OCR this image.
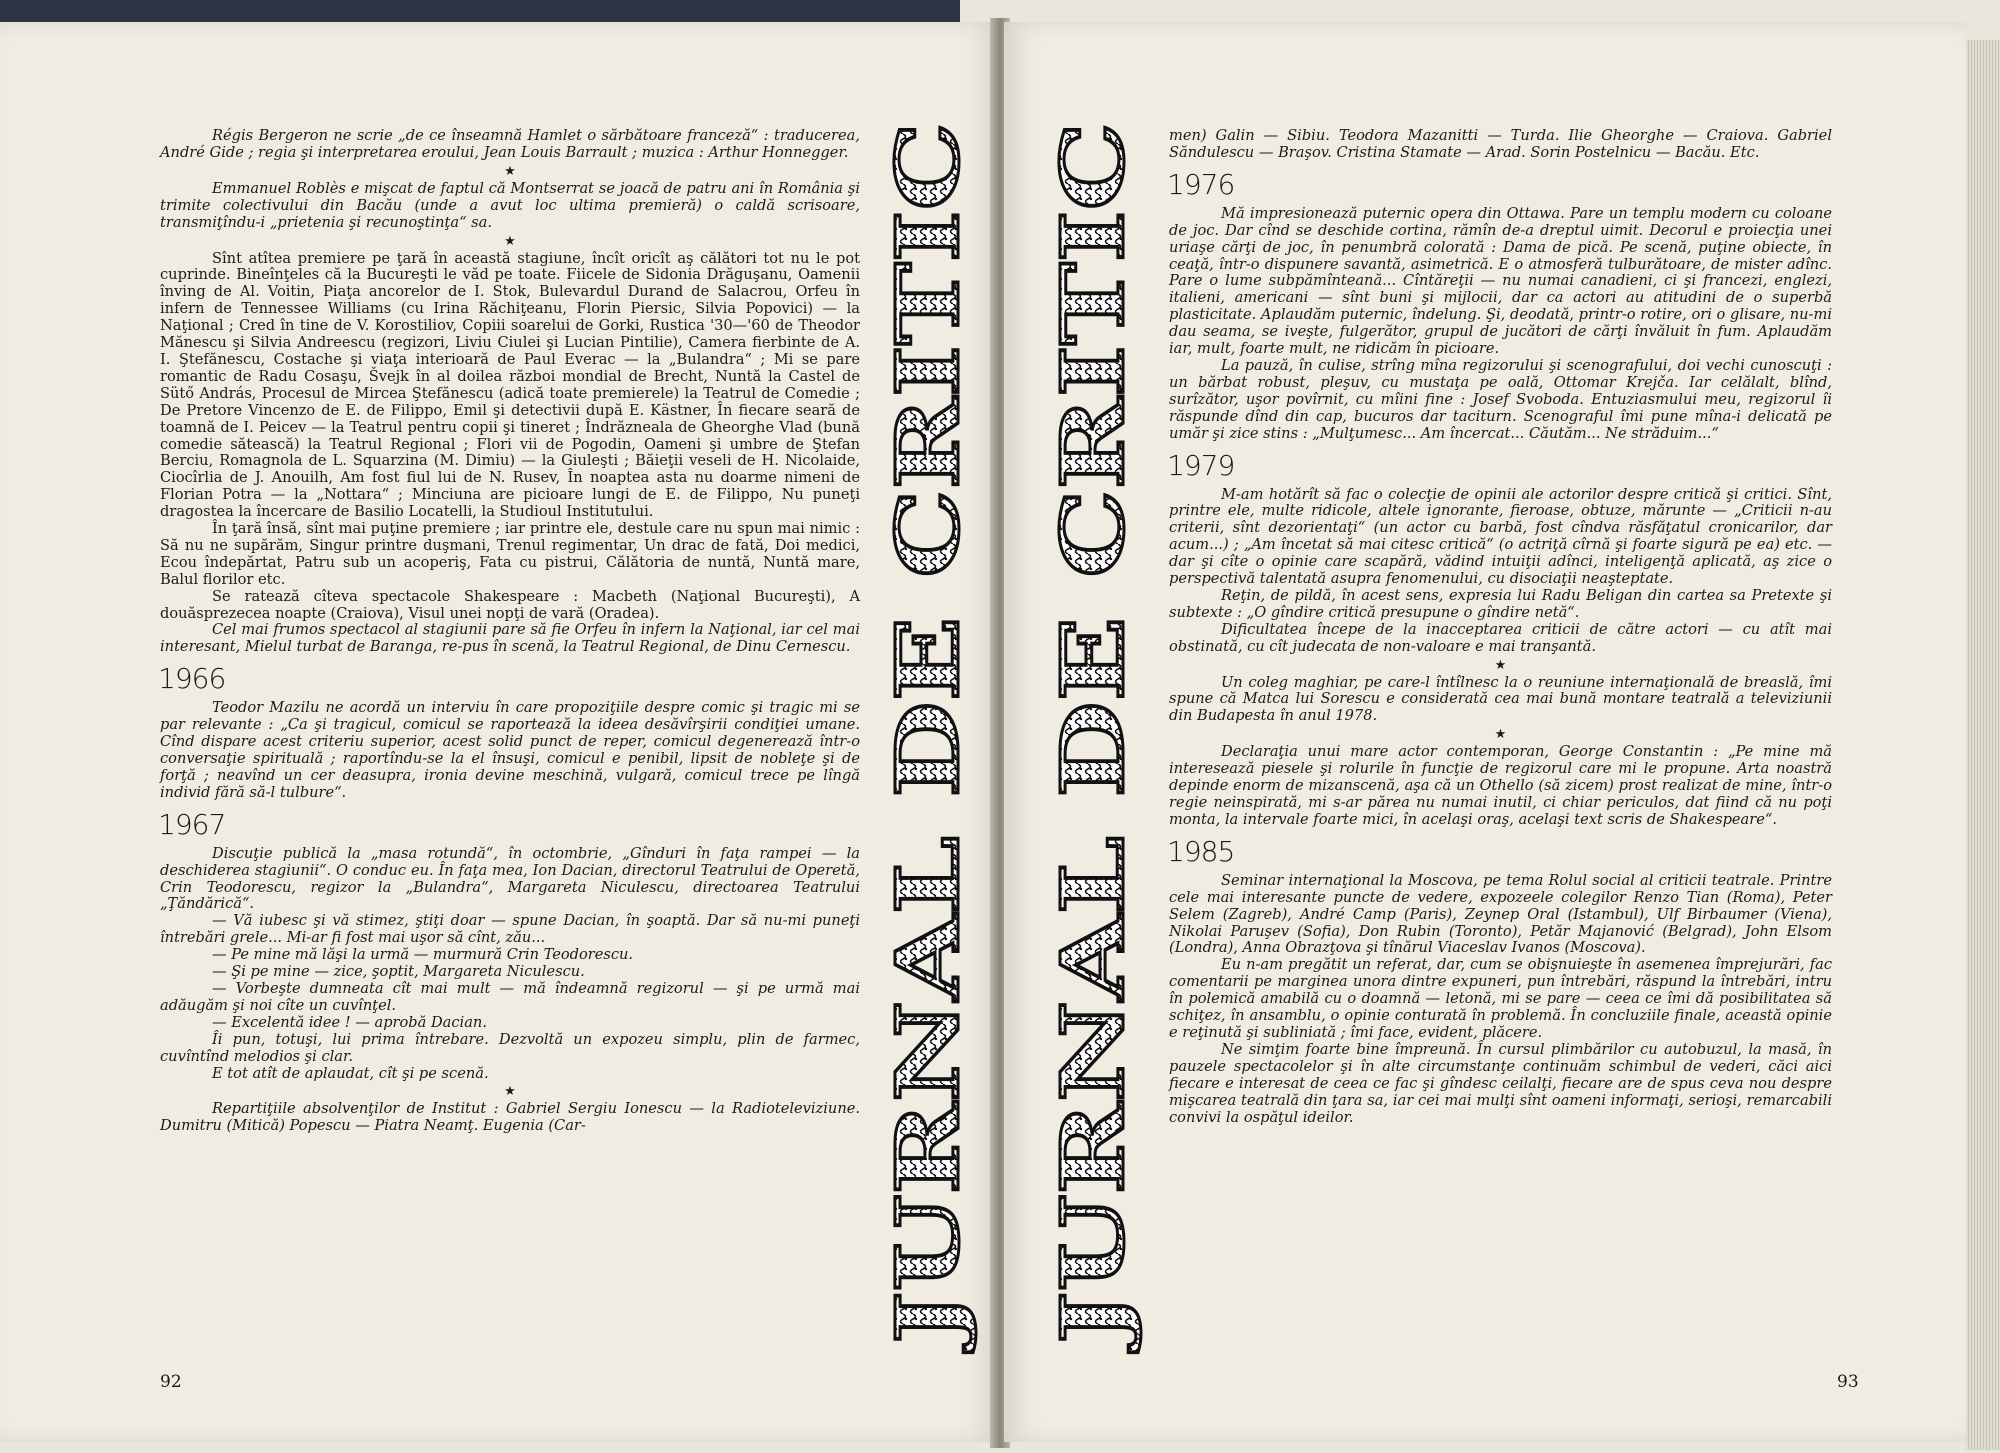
Régis Bergeron ne scrie „de ce înseamnă Hamlet o sărbătoare franceză“ : traducerea, André Gide ; regia şi interpretarea eroului, Jean Louis Barrault ; muzica : Arthur Honnegger.

★

Emmanuel Roblès e mişcat de faptul că Montserrat se joacă de patru ani în România şi trimite colectivului din Bacău (unde a avut loc ultima premieră) o caldă scrisoare, transmiţîndu-i „prietenia şi recunoştinţa“ sa.

★

Sînt atîtea premiere pe ţară în această stagiune, încît oricît aş călători tot nu le pot cuprinde. Bineînţeles că la Bucureşti le văd pe toate. Fiicele de Sidonia Drăguşanu, Oamenii înving de Al. Voitin, Piaţa ancorelor de I. Stok, Bulevardul Durand de Salacrou, Orfeu în infern de Tennessee Williams (cu Irina Răchiţeanu, Florin Piersic, Silvia Popovici) — la Naţional ; Cred în tine de V. Korostiliov, Copiii soarelui de Gorki, Rustica '30—'60 de Theodor Mănescu şi Silvia Andreescu (regizori, Liviu Ciulei şi Lucian Pintilie), Camera fierbinte de A. I. Ştefănescu, Costache şi viaţa interioară de Paul Everac — la „Bulandra“ ; Mi se pare romantic de Radu Cosaşu, Švejk în al doilea război mondial de Brecht, Nuntă la Castel de Sütő András, Procesul de Mircea Ştefănescu (adică toate premierele) la Teatrul de Comedie ; De Pretore Vincenzo de E. de Filippo, Emil şi detectivii după E. Kästner, În fiecare seară de toamnă de I. Peicev — la Teatrul pentru copii şi tineret ; Îndrăzneala de Gheorghe Vlad (bună comedie sătească) la Teatrul Regional ; Flori vii de Pogodin, Oameni şi umbre de Ştefan Berciu, Romagnola de L. Squarzina (M. Dimiu) — la Giuleşti ; Băieţii veseli de H. Nicolaide, Ciocîrlia de J. Anouilh, Am fost fiul lui de N. Rusev, În noaptea asta nu doarme nimeni de Florian Potra — la „Nottara“ ; Minciuna are picioare lungi de E. de Filippo, Nu puneţi dragostea la încercare de Basilio Locatelli, la Studioul Institutului.

În ţară însă, sînt mai puţine premiere ; iar printre ele, destule care nu spun mai nimic : Să nu ne supărăm, Singur printre duşmani, Trenul regimentar, Un drac de fată, Doi medici, Ecou îndepărtat, Patru sub un acoperiş, Fata cu pistrui, Călătoria de nuntă, Nuntă mare, Balul florilor etc.

Se ratează cîteva spectacole Shakespeare : Macbeth (Naţional Bucureşti), A douăsprezecea noapte (Craiova), Visul unei nopţi de vară (Oradea).

Cel mai frumos spectacol al stagiunii pare să fie Orfeu în infern la Naţional, iar cel mai interesant, Mielul turbat de Baranga, re-pus în scenă, la Teatrul Regional, de Dinu Cernescu.

1966

Teodor Mazilu ne acordă un interviu în care propoziţiile despre comic şi tragic mi se par relevante : „Ca şi tragicul, comicul se raportează la ideea desăvîrşirii condiţiei umane. Cînd dispare acest criteriu superior, acest solid punct de reper, comicul degenerează într-o conversaţie spirituală ; raportîndu-se la el însuşi, comicul e penibil, lipsit de nobleţe şi de forţă ; neavînd un cer deasupra, ironia devine meschină, vulgară, comicul trece pe lîngă individ fără să-l tulbure“.

1967

Discuţie publică la „masa rotundă“, în octombrie, „Gînduri în faţa rampei — la deschiderea stagiunii“. O conduc eu. În faţa mea, Ion Dacian, directorul Teatrului de Operetă, Crin Teodorescu, regizor la „Bulandra“, Margareta Niculescu, directoarea Teatrului „Ţăndărică“.

— Vă iubesc şi vă stimez, ştiţi doar — spune Dacian, în şoaptă. Dar să nu-mi puneţi întrebări grele... Mi-ar fi fost mai uşor să cînt, zău...

— Pe mine mă lăşi la urmă — murmură Crin Teodorescu.

— Şi pe mine — zice, şoptit, Margareta Niculescu.

— Vorbeşte dumneata cît mai mult — mă îndeamnă regizorul — şi pe urmă mai adăugăm şi noi cîte un cuvînţel.

— Excelentă idee ! — aprobă Dacian.

Îi pun, totuşi, lui prima întrebare. Dezvoltă un expozeu simplu, plin de farmec, cuvîntînd melodios şi clar.

E tot atît de aplaudat, cît şi pe scenă.

★

Repartiţiile absolvenţilor de Institut : Gabriel Sergiu Ionescu — la Radioteleviziune. Dumitru (Mitică) Popescu — Piatra Neamţ. Eugenia (Car-	JURNAL DE CRITIC
92
JURNAL DE CRITIC

men) Galin — Sibiu. Teodora Mazanitti — Turda. Ilie Gheorghe — Craiova. Gabriel Săndulescu — Braşov. Cristina Stamate — Arad. Sorin Postelnicu — Bacău. Etc.

1976

Mă impresionează puternic opera din Ottawa. Pare un templu modern cu coloane de joc. Dar cînd se deschide cortina, rămîn de-a dreptul uimit. Decorul e proiecţia unei uriaşe cărţi de joc, în penumbră colorată : Dama de pică. Pe scenă, puţine obiecte, în ceaţă, într-o dispunere savantă, asimetrică. E o atmosferă tulburătoare, de mister adînc. Pare o lume subpămînteană... Cîntăreţii — nu numai canadieni, ci şi francezi, englezi, italieni, americani — sînt buni şi mijlocii, dar ca actori au atitudini de o superbă plasticitate. Aplaudăm puternic, îndelung. Şi, deodată, printr-o rotire, ori o glisare, nu-mi dau seama, se iveşte, fulgerător, grupul de jucători de cărţi învăluit în fum. Aplaudăm iar, mult, foarte mult, ne ridicăm în picioare.

La pauză, în culise, strîng mîna regizorului şi scenografului, doi vechi cunoscuţi : un bărbat robust, pleşuv, cu mustaţa pe oală, Ottomar Krejča. Iar celălalt, blînd, surîzător, uşor povîrnit, cu mîini fine : Josef Svoboda. Entuziasmului meu, regizorul îi răspunde dînd din cap, bucuros dar taciturn. Scenograful îmi pune mîna-i delicată pe umăr şi zice stins : „Mulţumesc... Am încercat... Căutăm... Ne străduim...“

1979

M-am hotărît să fac o colecţie de opinii ale actorilor despre critică şi critici. Sînt, printre ele, multe ridicole, altele ignorante, fieroase, obtuze, mărunte — „Criticii n-au criterii, sînt dezorientaţi“ (un actor cu barbă, fost cîndva răsfăţatul cronicarilor, dar acum...) ; „Am încetat să mai citesc critică“ (o actriţă cîrnă şi foarte sigură pe ea) etc. — dar şi cîte o opinie care scapără, vădind intuiţii adînci, inteligenţă aplicată, aş zice o perspectivă talentată asupra fenomenului, cu disociaţii neaşteptate.

Reţin, de pildă, în acest sens, expresia lui Radu Beligan din cartea sa Pretexte şi subtexte : „O gîndire critică presupune o gîndire netă“.

Dificultatea începe de la inacceptarea criticii de către actori — cu atît mai obstinată, cu cît judecata de non-valoare e mai tranşantă.

★

Un coleg maghiar, pe care-l întîlnesc la o reuniune internaţională de breaslă, îmi spune că Matca lui Sorescu e considerată cea mai bună montare teatrală a televiziunii din Budapesta în anul 1978.

★

Declaraţia unui mare actor contemporan, George Constantin : „Pe mine mă interesează piesele şi rolurile în funcţie de regizorul care mi le propune. Arta noastră depinde enorm de mizanscenă, aşa că un Othello (să zicem) prost realizat de mine, într-o regie neinspirată, mi s-ar părea nu numai inutil, ci chiar periculos, dat fiind că nu poţi monta, la intervale foarte mici, în acelaşi oraş, acelaşi text scris de Shakespeare“.

1985

Seminar internaţional la Moscova, pe tema Rolul social al criticii teatrale. Printre cele mai interesante puncte de vedere, expozeele colegilor Renzo Tian (Roma), Peter Selem (Zagreb), André Camp (Paris), Zeynep Oral (Istambul), Ulf Birbaumer (Viena), Nikolai Paruşev (Sofia), Don Rubin (Toronto), Petăr Majanović (Belgrad), John Elsom (Londra), Anna Obrazţova şi tînărul Viaceslav Ivanos (Moscova).

Eu n-am pregătit un referat, dar, cum se obişnuieşte în asemenea împrejurări, fac comentarii pe marginea unora dintre expuneri, pun întrebări, răspund la întrebări, intru în polemică amabilă cu o doamnă — letonă, mi se pare — ceea ce îmi dă posibilitatea să schiţez, în ansamblu, o opinie conturată în problemă. În concluziile finale, această opinie e reţinută şi subliniată ; îmi face, evident, plăcere.

Ne simţim foarte bine împreună. În cursul plimbărilor cu autobuzul, la masă, în pauzele spectacolelor şi în alte circumstanţe continuăm schimbul de vederi, căci aici fiecare e interesat de ceea ce fac şi gîndesc ceilalţi, fiecare are de spus ceva nou despre mişcarea teatrală din ţara sa, iar cei mai mulţi sînt oameni informaţi, serioşi, remarcabili convivi la ospăţul ideilor.

93
